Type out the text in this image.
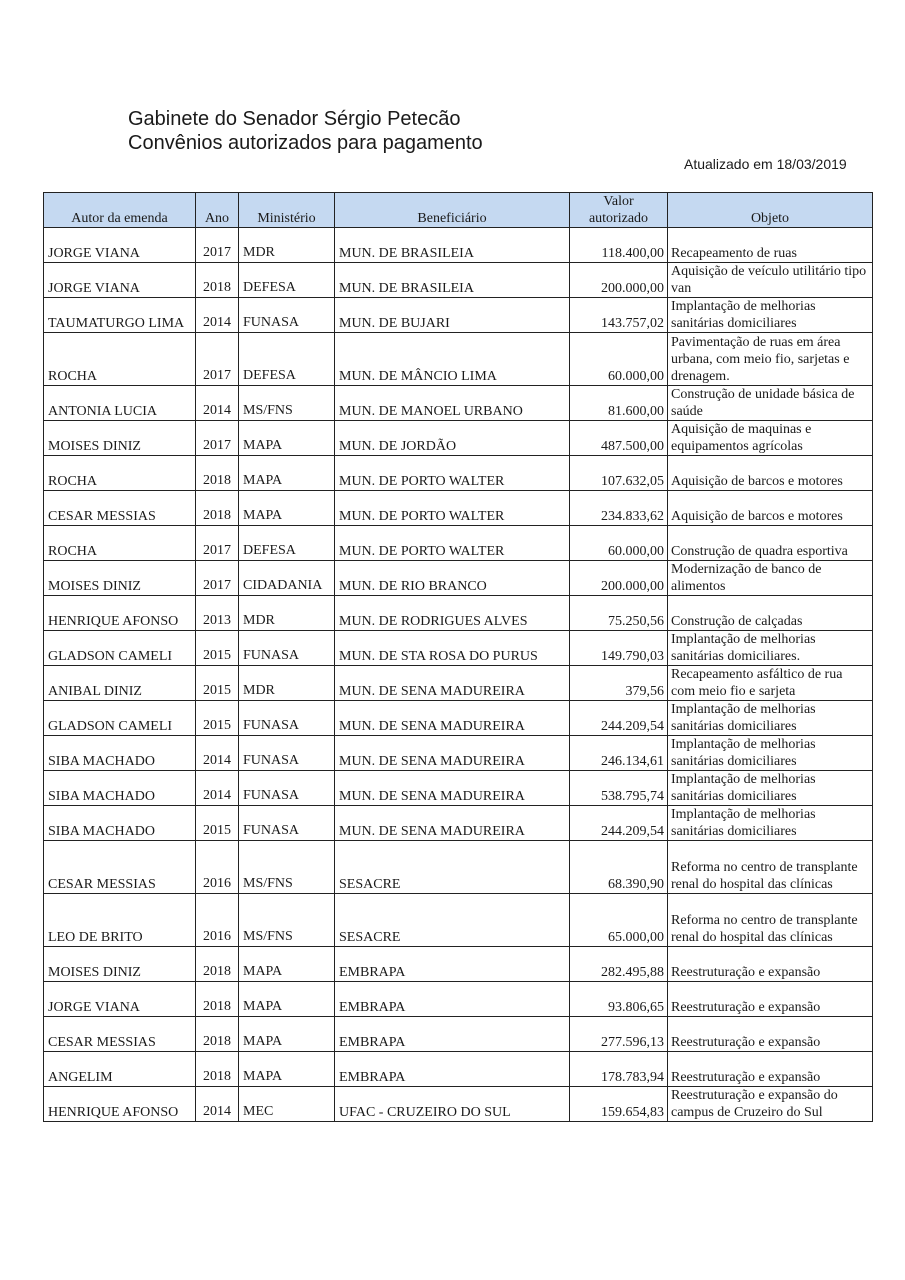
Gabinete do Senador Sérgio Petecão
Convênios autorizados para pagamento
Atualizado em 18/03/2019
Autor da emenda	Ano	Ministério	Beneficiário	Valor autorizado	Objeto
JORGE VIANA	2017	MDR	MUN. DE BRASILEIA	118.400,00	Recapeamento de ruas
JORGE VIANA	2018	DEFESA	MUN. DE BRASILEIA	200.000,00	Aquisição de veículo utilitário tipo van
TAUMATURGO LIMA	2014	FUNASA	MUN. DE BUJARI	143.757,02	Implantação de melhorias sanitárias domiciliares
ROCHA	2017	DEFESA	MUN. DE MÂNCIO LIMA	60.000,00	Pavimentação de ruas em área urbana, com meio fio, sarjetas e drenagem.
ANTONIA LUCIA	2014	MS/FNS	MUN. DE MANOEL URBANO	81.600,00	Construção de unidade básica de saúde
MOISES DINIZ	2017	MAPA	MUN. DE JORDÃO	487.500,00	Aquisição de maquinas e equipamentos agrícolas
ROCHA	2018	MAPA	MUN. DE PORTO WALTER	107.632,05	Aquisição de barcos e motores
CESAR MESSIAS	2018	MAPA	MUN. DE PORTO WALTER	234.833,62	Aquisição de barcos e motores
ROCHA	2017	DEFESA	MUN. DE PORTO WALTER	60.000,00	Construção de quadra esportiva
MOISES DINIZ	2017	CIDADANIA	MUN. DE RIO BRANCO	200.000,00	Modernização de banco de alimentos
HENRIQUE AFONSO	2013	MDR	MUN. DE RODRIGUES ALVES	75.250,56	Construção de calçadas
GLADSON CAMELI	2015	FUNASA	MUN. DE STA ROSA DO PURUS	149.790,03	Implantação de melhorias sanitárias domiciliares.
ANIBAL DINIZ	2015	MDR	MUN. DE SENA MADUREIRA	379,56	Recapeamento asfáltico de rua com meio fio e sarjeta
GLADSON CAMELI	2015	FUNASA	MUN. DE SENA MADUREIRA	244.209,54	Implantação de melhorias sanitárias domiciliares
SIBA MACHADO	2014	FUNASA	MUN. DE SENA MADUREIRA	246.134,61	Implantação de melhorias sanitárias domiciliares
SIBA MACHADO	2014	FUNASA	MUN. DE SENA MADUREIRA	538.795,74	Implantação de melhorias sanitárias domiciliares
SIBA MACHADO	2015	FUNASA	MUN. DE SENA MADUREIRA	244.209,54	Implantação de melhorias sanitárias domiciliares
CESAR MESSIAS	2016	MS/FNS	SESACRE	68.390,90	Reforma no centro de transplante renal do hospital das clínicas
LEO DE BRITO	2016	MS/FNS	SESACRE	65.000,00	Reforma no centro de transplante renal do hospital das clínicas
MOISES DINIZ	2018	MAPA	EMBRAPA	282.495,88	Reestruturação e expansão
JORGE VIANA	2018	MAPA	EMBRAPA	93.806,65	Reestruturação e expansão
CESAR MESSIAS	2018	MAPA	EMBRAPA	277.596,13	Reestruturação e expansão
ANGELIM	2018	MAPA	EMBRAPA	178.783,94	Reestruturação e expansão
HENRIQUE AFONSO	2014	MEC	UFAC - CRUZEIRO DO SUL	159.654,83	Reestruturação e expansão do campus de Cruzeiro do Sul
